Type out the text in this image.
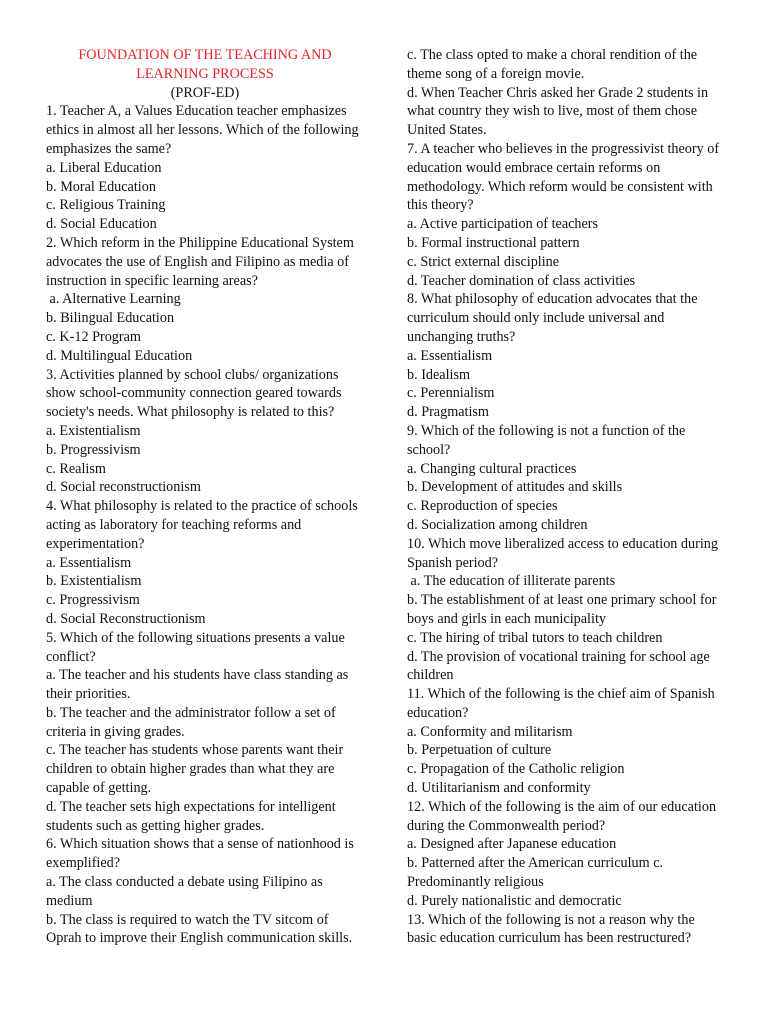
FOUNDATION OF THE TEACHING AND LEARNING PROCESS

(PROF-ED)

1. Teacher A, a Values Education teacher emphasizes ethics in almost all her lessons. Which of the following emphasizes the same?

a. Liberal Education

b. Moral Education

c. Religious Training

d. Social Education

2. Which reform in the Philippine Educational System advocates the use of English and Filipino as media of instruction in specific learning areas?

a. Alternative Learning

b. Bilingual Education

c. K-12 Program

d. Multilingual Education

3. Activities planned by school clubs/ organizations show school-community connection geared towards society's needs. What philosophy is related to this?

a. Existentialism

b. Progressivism

c. Realism

d. Social reconstructionism

4. What philosophy is related to the practice of schools acting as laboratory for teaching reforms and experimentation?

a. Essentialism

b. Existentialism

c. Progressivism

d. Social Reconstructionism

5. Which of the following situations presents a value conflict?

a. The teacher and his students have class standing as their priorities.

b. The teacher and the administrator follow a set of criteria in giving grades.

c. The teacher has students whose parents want their children to obtain higher grades than what they are capable of getting.

d. The teacher sets high expectations for intelligent students such as getting higher grades.

6. Which situation shows that a sense of nationhood is exemplified?

a. The class conducted a debate using Filipino as medium

b. The class is required to watch the TV sitcom of Oprah to improve their English communication skills.

c. The class opted to make a choral rendition of the theme song of a foreign movie.

d. When Teacher Chris asked her Grade 2 students in what country they wish to live, most of them chose United States.

7. A teacher who believes in the progressivist theory of education would embrace certain reforms on methodology. Which reform would be consistent with this theory?

a. Active participation of teachers

b. Formal instructional pattern

c. Strict external discipline

d. Teacher domination of class activities

8. What philosophy of education advocates that the curriculum should only include universal and unchanging truths?

a. Essentialism

b. Idealism

c. Perennialism

d. Pragmatism

9. Which of the following is not a function of the school?

a. Changing cultural practices

b. Development of attitudes and skills

c. Reproduction of species

d. Socialization among children

10. Which move liberalized access to education during Spanish period?

a. The education of illiterate parents

b. The establishment of at least one primary school for boys and girls in each municipality

c. The hiring of tribal tutors to teach children

d. The provision of vocational training for school age children

11. Which of the following is the chief aim of Spanish education?

a. Conformity and militarism

b. Perpetuation of culture

c. Propagation of the Catholic religion

d. Utilitarianism and conformity

12. Which of the following is the aim of our education during the Commonwealth period?

a. Designed after Japanese education

b. Patterned after the American curriculum c. Predominantly religious

d. Purely nationalistic and democratic

13. Which of the following is not a reason why the basic education curriculum has been restructured?
